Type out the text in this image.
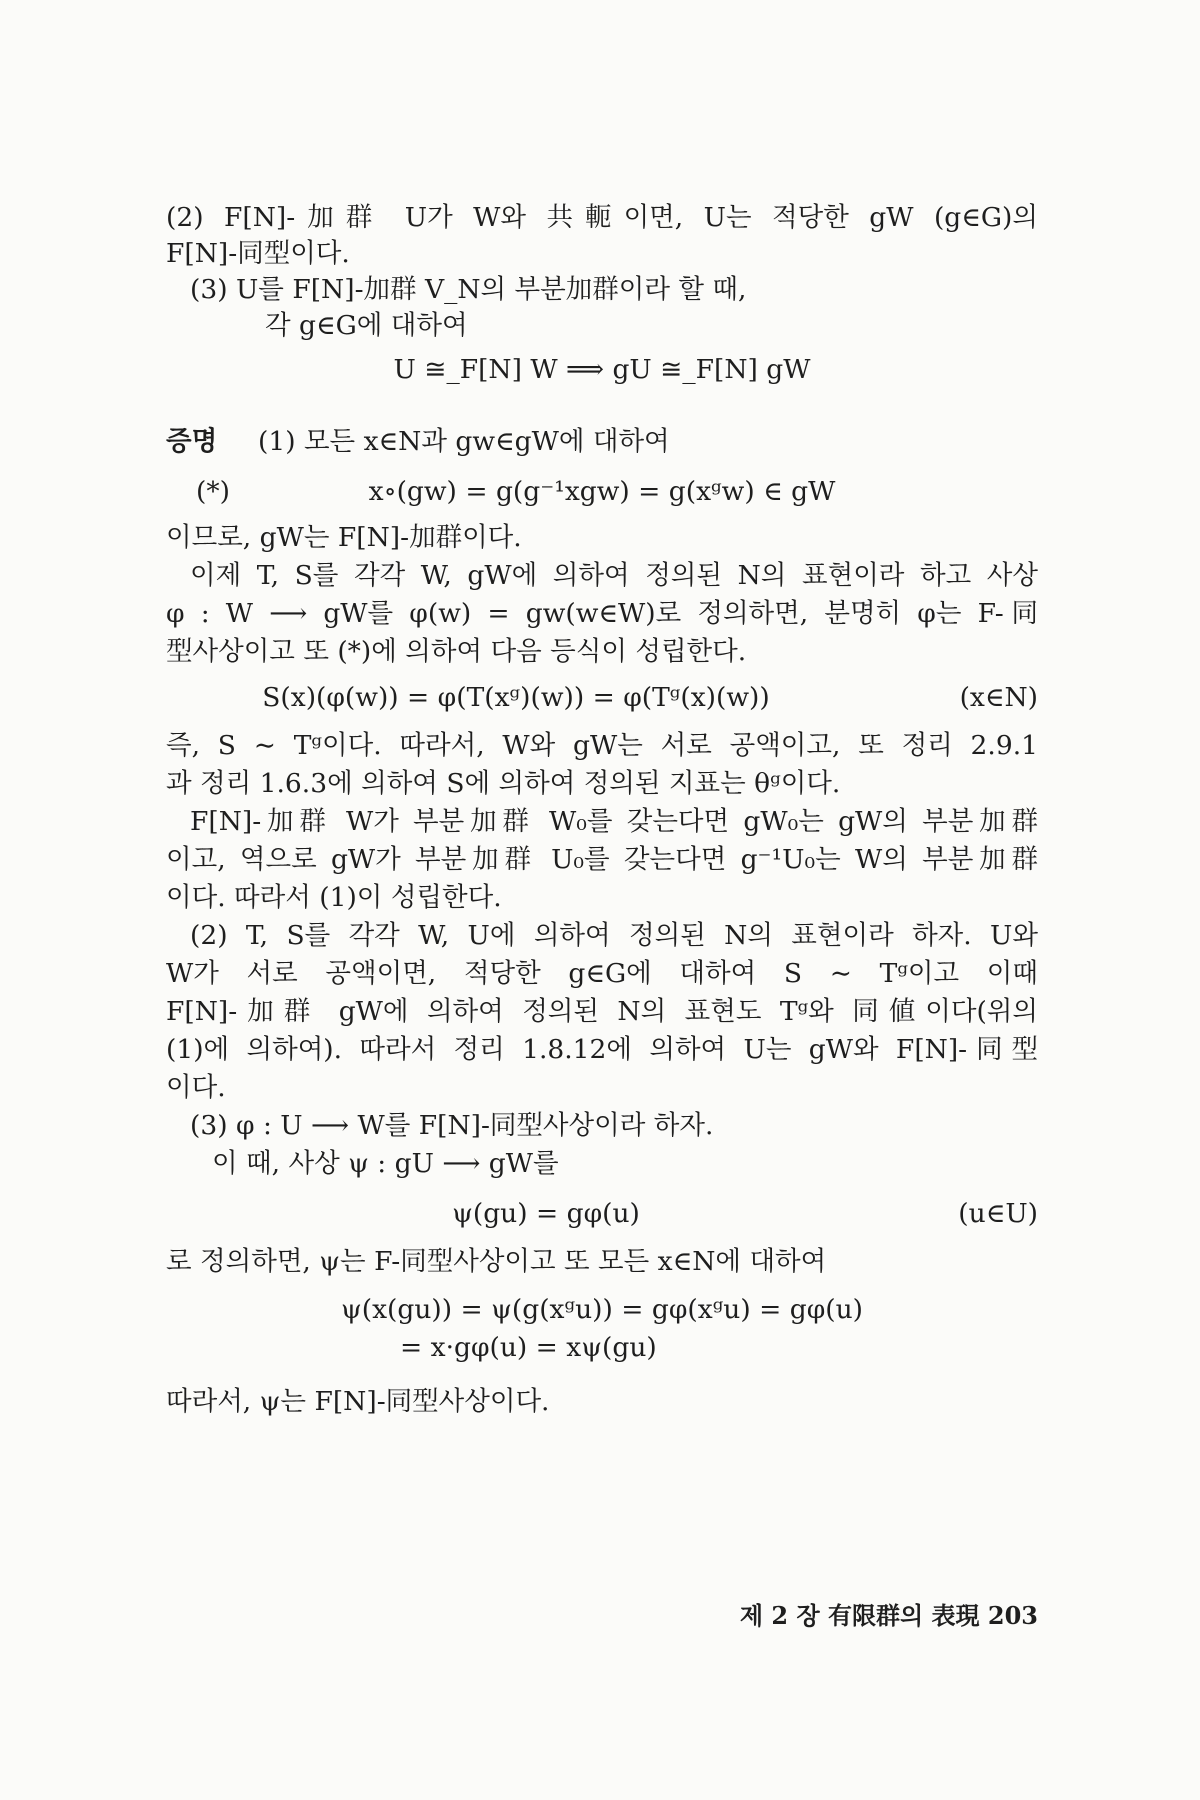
(2) F[N]-加群 U가 W와 共軛이면, U는 적당한 gW (g∈G)의
F[N]-同型이다.
(3) U를 F[N]-加群 V_N의 부분加群이라 할 때,
각 g∈G에 대하여
U ≅_F[N] W ⟹ gU ≅_F[N] gW
증명	(1) 모든 x∈N과 gw∈gW에 대하여
(*)	x∘(gw) = g(g⁻¹xgw) = g(xᵍw) ∈ gW
이므로, gW는 F[N]-加群이다.
이제 T, S를 각각 W, gW에 의하여 정의된 N의 표현이라 하고 사상
φ : W ⟶ gW를 φ(w) = gw(w∈W)로 정의하면, 분명히 φ는 F-同
型사상이고 또 (*)에 의하여 다음 등식이 성립한다.
S(x)(φ(w)) = φ(T(xᵍ)(w)) = φ(Tᵍ(x)(w))	(x∈N)
즉, S ∼ Tᵍ이다. 따라서, W와 gW는 서로 공액이고, 또 정리 2.9.1
과 정리 1.6.3에 의하여 S에 의하여 정의된 지표는 θᵍ이다.
F[N]-加群 W가 부분加群 W₀를 갖는다면 gW₀는 gW의 부분加群
이고, 역으로 gW가 부분加群 U₀를 갖는다면 g⁻¹U₀는 W의 부분加群
이다. 따라서 (1)이 성립한다.
(2) T, S를 각각 W, U에 의하여 정의된 N의 표현이라 하자. U와
W가 서로 공액이면, 적당한 g∈G에 대하여 S ∼ Tᵍ이고 이때
F[N]-加群 gW에 의하여 정의된 N의 표현도 Tᵍ와 同値이다(위의
(1)에 의하여). 따라서 정리 1.8.12에 의하여 U는 gW와 F[N]-同型
이다.
(3) φ : U ⟶ W를 F[N]-同型사상이라 하자.
이 때, 사상 ψ : gU ⟶ gW를
ψ(gu) = gφ(u)	(u∈U)
로 정의하면, ψ는 F-同型사상이고 또 모든 x∈N에 대하여
ψ(x(gu)) = ψ(g(xᵍu)) = gφ(xᵍu) = gφ(u)
= x·gφ(u) = xψ(gu)
따라서, ψ는 F[N]-同型사상이다.
제 2 장 有限群의 表現 203
